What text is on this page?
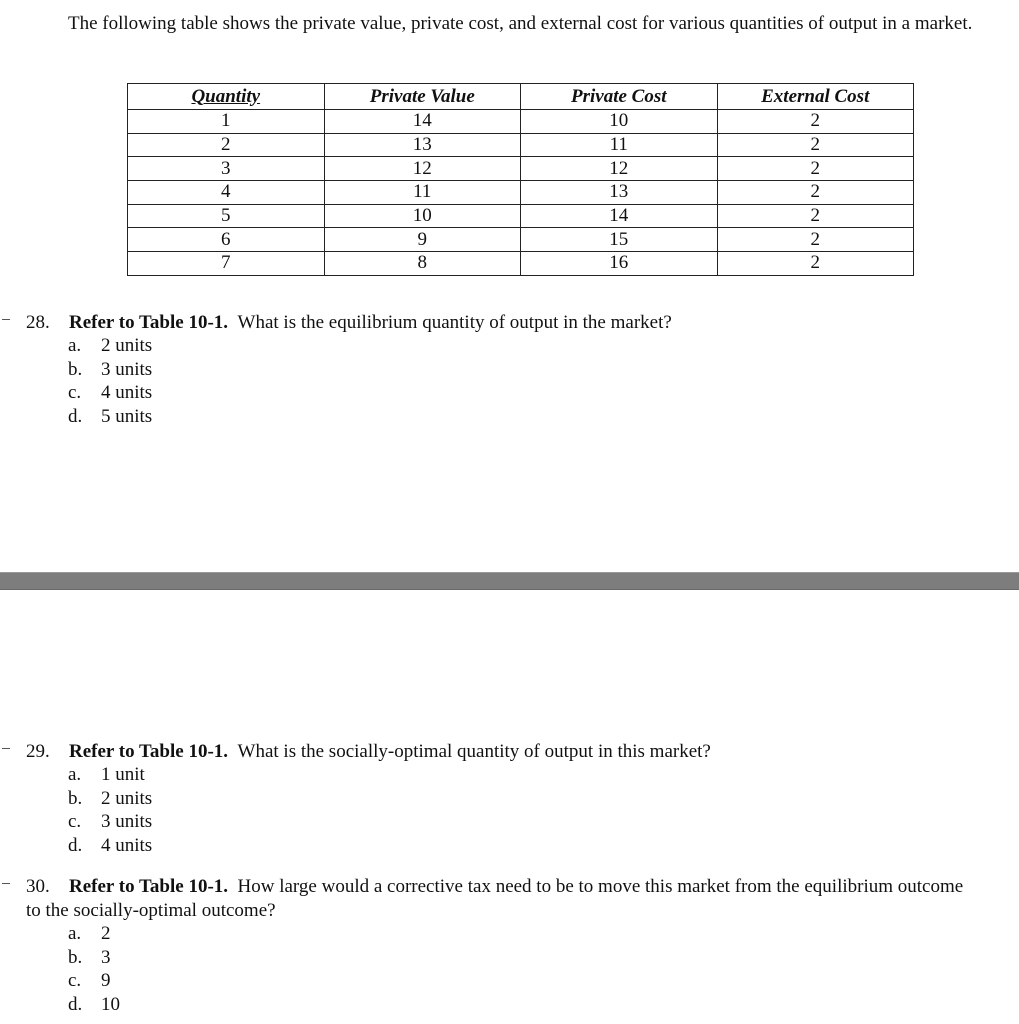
The following table shows the private value, private cost, and external cost for various quantities of output in a market.

Quantity	Private Value	Private Cost	External Cost
1	14	10	2
2	13	11	2
3	12	12	2
4	11	13	2
5	10	14	2
6	9	15	2
7	8	16	2
28. Refer to Table 10-1. What is the equilibrium quantity of output in the market?
a. 2 units
b. 3 units
c. 4 units
d. 5 units
29. Refer to Table 10-1. What is the socially-optimal quantity of output in this market?
a. 1 unit
b. 2 units
c. 3 units
d. 4 units
30. Refer to Table 10-1. How large would a corrective tax need to be to move this market from the equilibrium outcome to the socially-optimal outcome?
a. 2
b. 3
c. 9
d. 10
